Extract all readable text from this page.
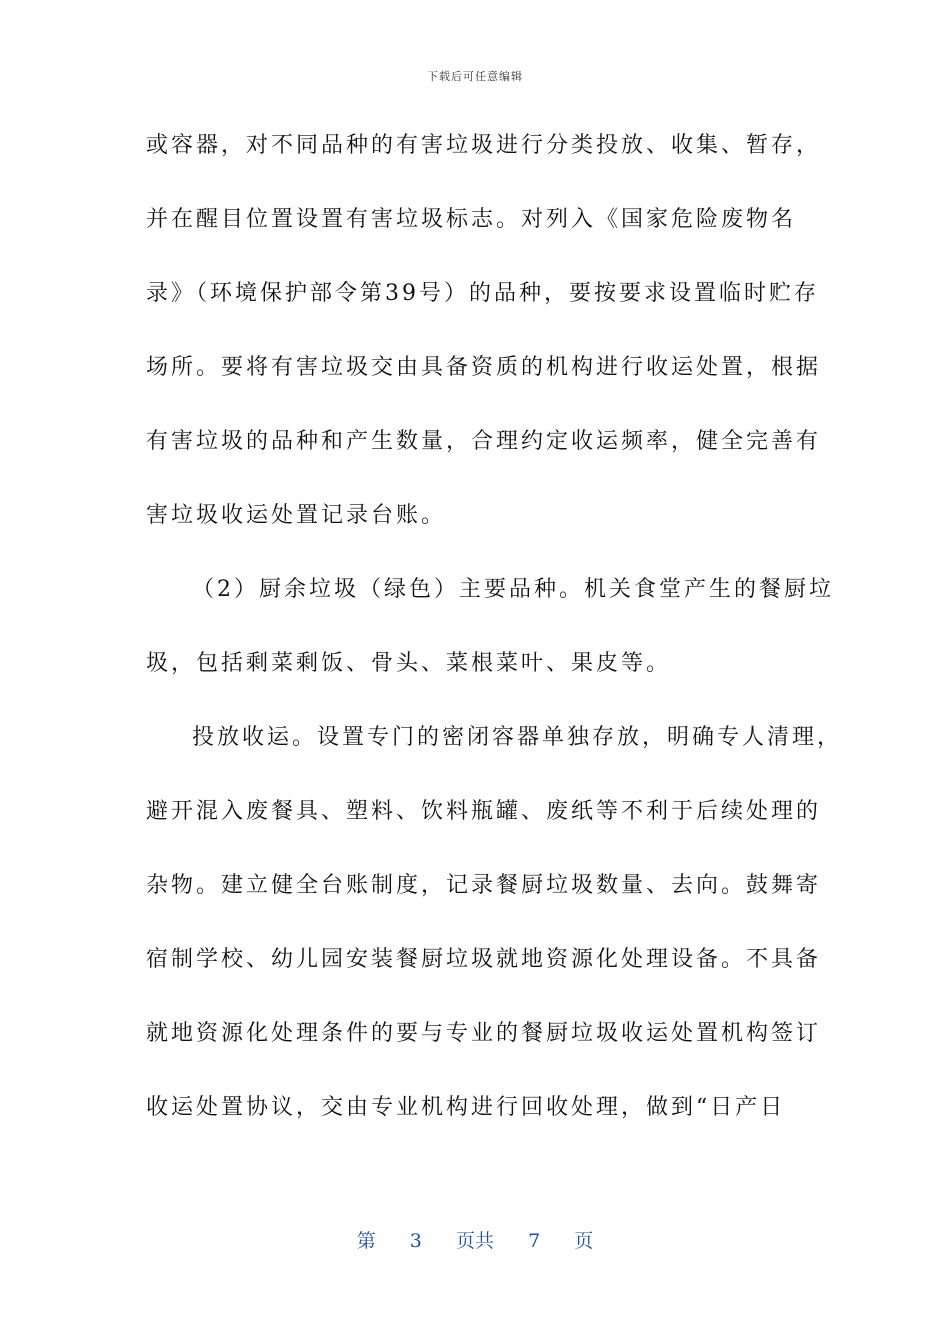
下载后可任意编辑
或容器，对不同品种的有害垃圾进行分类投放、收集、暂存，
并在醒目位置设置有害垃圾标志。对列入《国家危险废物名
录》（环境保护部令第39号）的品种，要按要求设置临时贮存
场所。要将有害垃圾交由具备资质的机构进行收运处置，根据
有害垃圾的品种和产生数量，合理约定收运频率，健全完善有
害垃圾收运处置记录台账。
（2）厨余垃圾（绿色）主要品种。机关食堂产生的餐厨垃
圾，包括剩菜剩饭、骨头、菜根菜叶、果皮等。
投放收运。设置专门的密闭容器单独存放，明确专人清理，
避开混入废餐具、塑料、饮料瓶罐、废纸等不利于后续处理的
杂物。建立健全台账制度，记录餐厨垃圾数量、去向。鼓舞寄
宿制学校、幼儿园安装餐厨垃圾就地资源化处理设备。不具备
就地资源化处理条件的要与专业的餐厨垃圾收运处置机构签订
收运处置协议，交由专业机构进行回收处理，做到“日产日
第 3 页共 7 页
